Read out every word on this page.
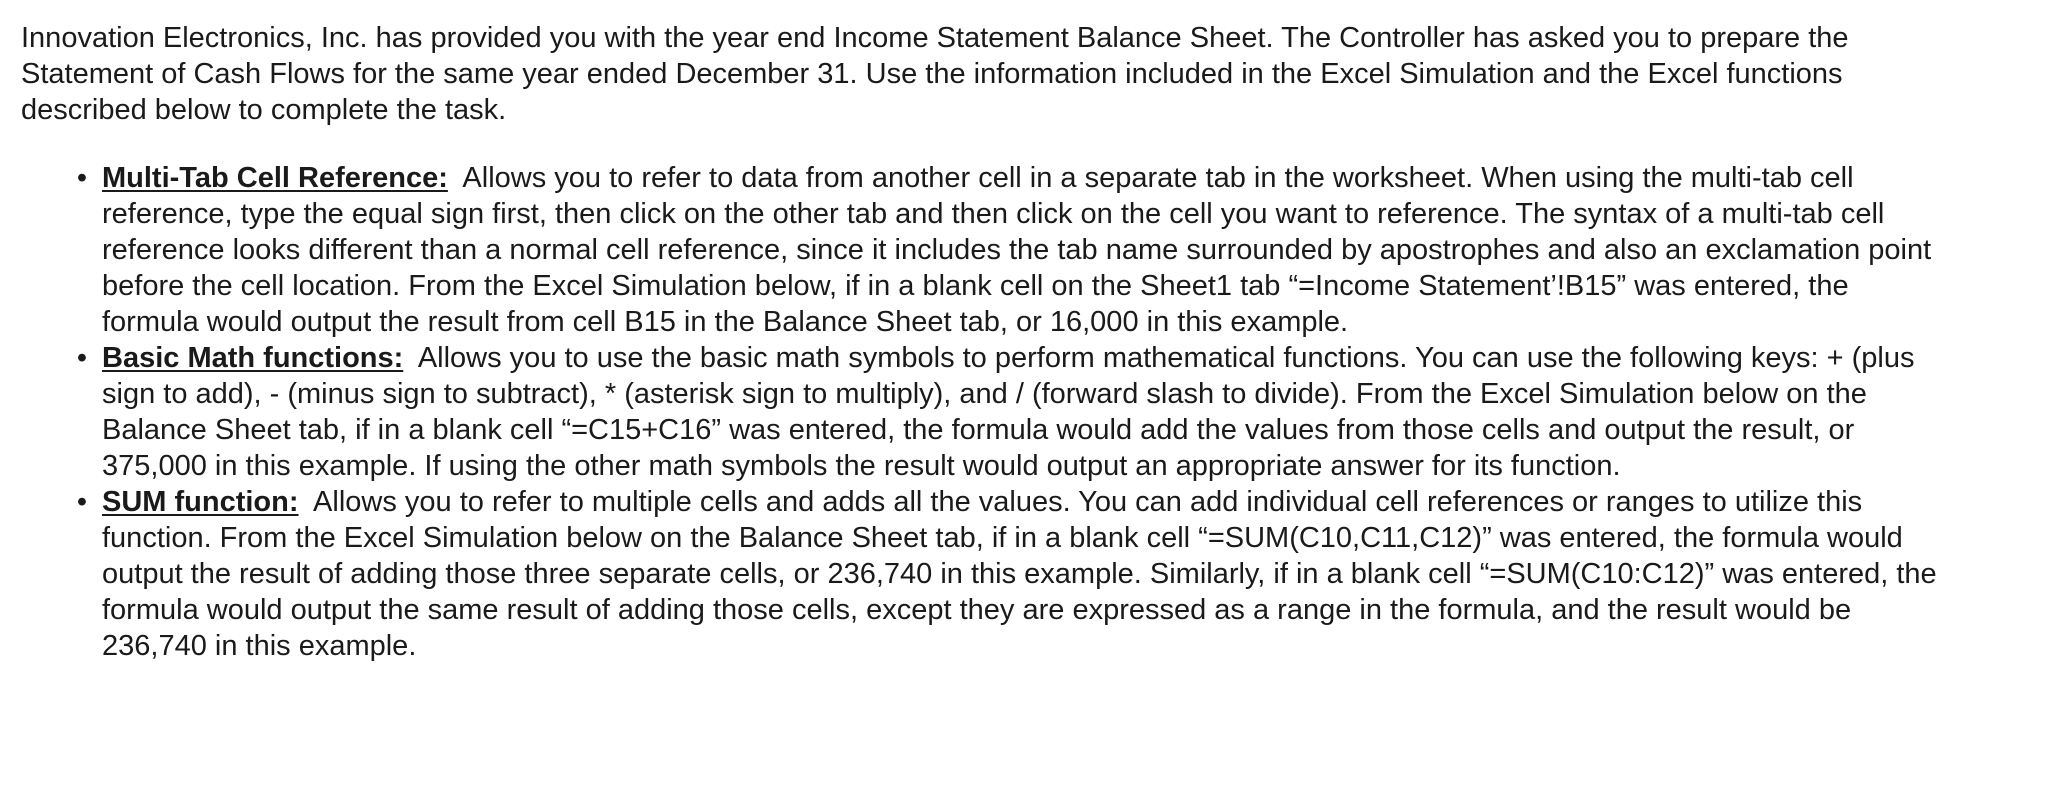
Innovation Electronics, Inc. has provided you with the year end Income Statement Balance Sheet. The Controller has asked you to prepare the Statement of Cash Flows for the same year ended December 31. Use the information included in the Excel Simulation and the Excel functions described below to complete the task.

• Multi-Tab Cell Reference: Allows you to refer to data from another cell in a separate tab in the worksheet. When using the multi-tab cell reference, type the equal sign first, then click on the other tab and then click on the cell you want to reference. The syntax of a multi-tab cell reference looks different than a normal cell reference, since it includes the tab name surrounded by apostrophes and also an exclamation point before the cell location. From the Excel Simulation below, if in a blank cell on the Sheet1 tab “=Income Statement’!B15” was entered, the formula would output the result from cell B15 in the Balance Sheet tab, or 16,000 in this example.
• Basic Math functions: Allows you to use the basic math symbols to perform mathematical functions. You can use the following keys: + (plus sign to add), - (minus sign to subtract), * (asterisk sign to multiply), and / (forward slash to divide). From the Excel Simulation below on the Balance Sheet tab, if in a blank cell “=C15+C16” was entered, the formula would add the values from those cells and output the result, or 375,000 in this example. If using the other math symbols the result would output an appropriate answer for its function.
• SUM function: Allows you to refer to multiple cells and adds all the values. You can add individual cell references or ranges to utilize this function. From the Excel Simulation below on the Balance Sheet tab, if in a blank cell “=SUM(C10,C11,C12)” was entered, the formula would output the result of adding those three separate cells, or 236,740 in this example. Similarly, if in a blank cell “=SUM(C10:C12)” was entered, the formula would output the same result of adding those cells, except they are expressed as a range in the formula, and the result would be 236,740 in this example.
